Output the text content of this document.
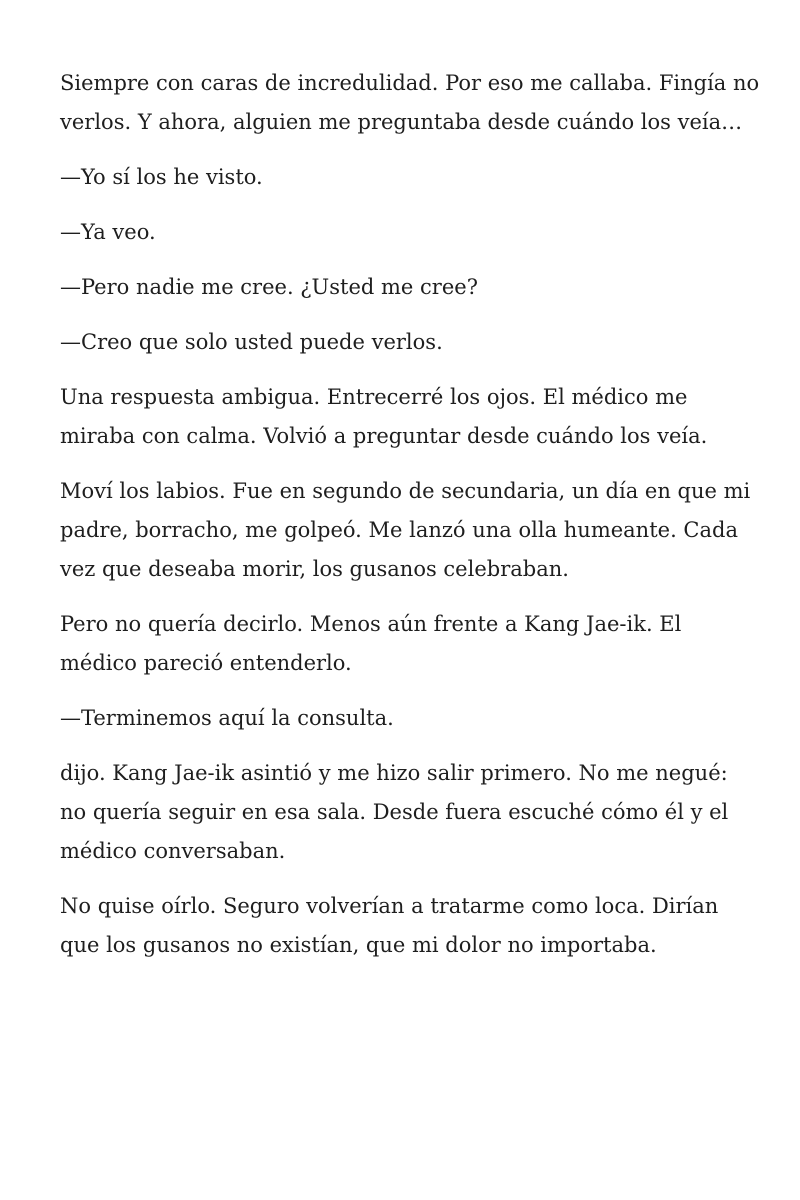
Siempre con caras de incredulidad. Por eso me callaba. Fingía no verlos. Y ahora, alguien me preguntaba desde cuándo los veía…

—Yo sí los he visto.

—Ya veo.

—Pero nadie me cree. ¿Usted me cree?

—Creo que solo usted puede verlos.

Una respuesta ambigua. Entrecerré los ojos. El médico me miraba con calma. Volvió a preguntar desde cuándo los veía.

Moví los labios. Fue en segundo de secundaria, un día en que mi padre, borracho, me golpeó. Me lanzó una olla humeante. Cada vez que deseaba morir, los gusanos celebraban.

Pero no quería decirlo. Menos aún frente a Kang Jae-ik. El médico pareció entenderlo.

—Terminemos aquí la consulta.

dijo. Kang Jae-ik asintió y me hizo salir primero. No me negué: no quería seguir en esa sala. Desde fuera escuché cómo él y el médico conversaban.

No quise oírlo. Seguro volverían a tratarme como loca. Dirían que los gusanos no existían, que mi dolor no importaba.
